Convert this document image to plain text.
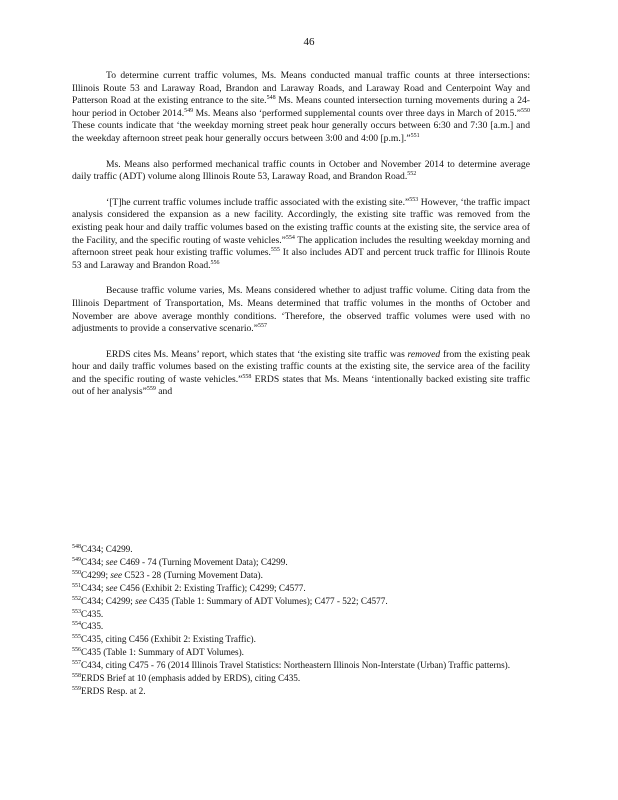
46

To determine current traffic volumes, Ms. Means conducted manual traffic counts at three intersections: Illinois Route 53 and Laraway Road, Brandon and Laraway Roads, and Laraway Road and Centerpoint Way and Patterson Road at the existing entrance to the site.$^{548}$ Ms. Means counted intersection turning movements during a 24-hour period in October 2014.$^{549}$ Ms. Means also ‘performed supplemental counts over three days in March of 2015.”$^{550}$ These counts indicate that ‘the weekday morning street peak hour generally occurs between 6:30 and 7:30 [a.m.] and the weekday afternoon street peak hour generally occurs between 3:00 and 4:00 [p.m.].”$^{551}$

Ms. Means also performed mechanical traffic counts in October and November 2014 to determine average daily traffic (ADT) volume along Illinois Route 53, Laraway Road, and Brandon Road.$^{552}$

‘[T]he current traffic volumes include traffic associated with the existing site.”$^{553}$ However, ‘the traffic impact analysis considered the expansion as a new facility. Accordingly, the existing site traffic was removed from the existing peak hour and daily traffic volumes based on the existing traffic counts at the existing site, the service area of the Facility, and the specific routing of waste vehicles.”$^{554}$ The application includes the resulting weekday morning and afternoon street peak hour existing traffic volumes.$^{555}$ It also includes ADT and percent truck traffic for Illinois Route 53 and Laraway and Brandon Road.$^{556}$

Because traffic volume varies, Ms. Means considered whether to adjust traffic volume. Citing data from the Illinois Department of Transportation, Ms. Means determined that traffic volumes in the months of October and November are above average monthly conditions. ‘Therefore, the observed traffic volumes were used with no adjustments to provide a conservative scenario.”$^{557}$

ERDS cites Ms. Means’ report, which states that ‘the existing site traffic was removed from the existing peak hour and daily traffic volumes based on the existing traffic counts at the existing site, the service area of the facility and the specific routing of waste vehicles.”$^{558}$ ERDS states that Ms. Means ‘intentionally backed existing site traffic out of her analysis”$^{559}$ and

$^{548}$C434; C4299.

$^{549}$C434; see C469 - 74 (Turning Movement Data); C4299.

$^{550}$C4299; see C523 - 28 (Turning Movement Data).

$^{551}$C434; see C456 (Exhibit 2: Existing Traffic); C4299; C4577.

$^{552}$C434; C4299; see C435 (Table 1: Summary of ADT Volumes); C477 - 522; C4577.

$^{553}$C435.

$^{554}$C435.

$^{555}$C435, citing C456 (Exhibit 2: Existing Traffic).

$^{556}$C435 (Table 1: Summary of ADT Volumes).

$^{557}$C434, citing C475 - 76 (2014 Illinois Travel Statistics: Northeastern Illinois Non-Interstate (Urban) Traffic patterns).

$^{558}$ERDS Brief at 10 (emphasis added by ERDS), citing C435.

$^{559}$ERDS Resp. at 2.
